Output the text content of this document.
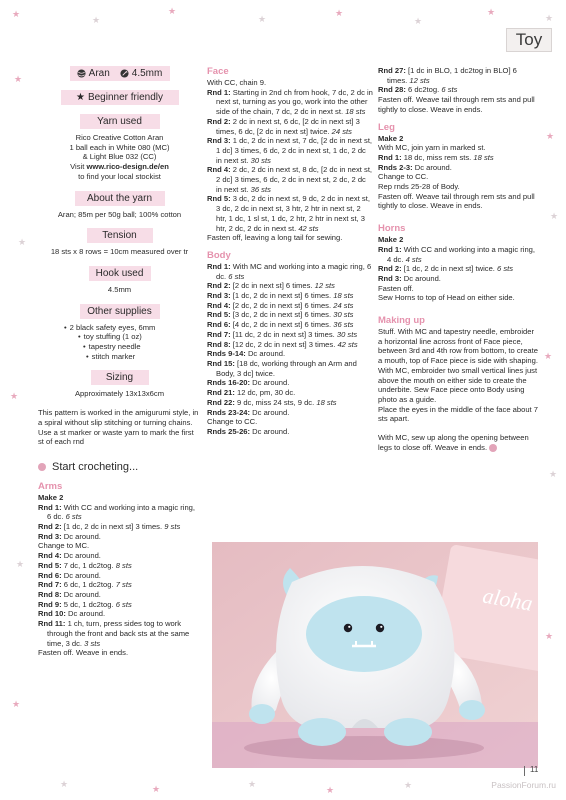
★
★
★
★
★
★
★
★
★
★
★
★
★
★
★
★
★
★
★	★	★
★	★
Toy
Aran 4.5mm
★ Beginner friendly
Yarn used
Rico Creative Cotton Aran
1 ball each in White 080 (MC)
& Light Blue 032 (CC)
Visit www.rico-design.de/en
to find your local stockist
About the yarn
Aran; 85m per 50g ball; 100% cotton
Tension
18 sts x 8 rows = 10cm measured over tr
Hook used
4.5mm
Other supplies
• 2 black safety eyes, 6mm
• toy stuffing (1 oz)
• tapestry needle
• stitch marker
Sizing
Approximately 13x13x6cm
This pattern is worked in the amigurumi style, in a spiral without slip stitching or turning chains. Use a st marker or waste yarn to mark the first st of each rnd
Start crocheting...
Arms
Make 2
Rnd 1: With CC and working into a magic ring, 6 dc. 6 sts
Rnd 2: [1 dc, 2 dc in next st] 3 times. 9 sts
Rnd 3: Dc around.
Change to MC.
Rnd 4: Dc around.
Rnd 5: 7 dc, 1 dc2tog. 8 sts
Rnd 6: Dc around.
Rnd 7: 6 dc, 1 dc2tog. 7 sts
Rnd 8: Dc around.
Rnd 9: 5 dc, 1 dc2tog. 6 sts
Rnd 10: Dc around.
Rnd 11: 1 ch, turn, press sides tog to work through the front and back sts at the same time, 3 dc. 3 sts
Fasten off. Weave in ends.
Face
With CC, chain 9.
Rnd 1: Starting in 2nd ch from hook, 7 dc, 2 dc in next st, turning as you go, work into the other side of the chain, 7 dc, 2 dc in next st. 18 sts
Rnd 2: 2 dc in next st, 6 dc, [2 dc in next st] 3 times, 6 dc, [2 dc in next st] twice. 24 sts
Rnd 3: 1 dc, 2 dc in next st, 7 dc, [2 dc in next st, 1 dc] 3 times, 6 dc, 2 dc in next st, 1 dc, 2 dc in next st. 30 sts
Rnd 4: 2 dc, 2 dc in next st, 8 dc, [2 dc in next st, 2 dc] 3 times, 6 dc, 2 dc in next st, 2 dc, 2 dc in next st. 36 sts
Rnd 5: 3 dc, 2 dc in next st, 9 dc, 2 dc in next st, 3 dc, 2 dc in next st, 3 htr, 2 htr in next st, 2 htr, 1 dc, 1 sl st, 1 dc, 2 htr, 2 htr in next st, 3 htr, 2 dc, 2 dc in next st. 42 sts
Fasten off, leaving a long tail for sewing.
Body
Rnd 1: With MC and working into a magic ring, 6 dc. 6 sts
Rnd 2: [2 dc in next st] 6 times. 12 sts
Rnd 3: [1 dc, 2 dc in next st] 6 times. 18 sts
Rnd 4: [2 dc, 2 dc in next st] 6 times. 24 sts
Rnd 5: [3 dc, 2 dc in next st] 6 times. 30 sts
Rnd 6: [4 dc, 2 dc in next st] 6 times. 36 sts
Rnd 7: [11 dc, 2 dc in next st] 3 times. 30 sts
Rnd 8: [12 dc, 2 dc in next st] 3 times. 42 sts
Rnds 9-14: Dc around.
Rnd 15: [18 dc, working through an Arm and Body, 3 dc] twice.
Rnds 16-20: Dc around.
Rnd 21: 12 dc, pm, 30 dc.
Rnd 22: 9 dc, miss 24 sts, 9 dc. 18 sts
Rnds 23-24: Dc around.
Change to CC.
Rnds 25-26: Dc around.
Rnd 27: [1 dc in BLO, 1 dc2tog in BLO] 6 times. 12 sts
Rnd 28: 6 dc2tog. 6 sts
Fasten off. Weave tail through rem sts and pull tightly to close. Weave in ends.
Leg
Make 2
With MC, join yarn in marked st.
Rnd 1: 18 dc, miss rem sts. 18 sts
Rnds 2-3: Dc around.
Change to CC.
Rep rnds 25-28 of Body.
Fasten off. Weave tail through rem sts and pull tightly to close. Weave in ends.
Horns
Make 2
Rnd 1: With CC and working into a magic ring, 4 dc. 4 sts
Rnd 2: [1 dc, 2 dc in next st] twice. 6 sts
Rnd 3: Dc around.
Fasten off.
Sew Horns to top of Head on either side.
Making up
Stuff. With MC and tapestry needle, embroider a horizontal line across front of Face piece, between 3rd and 4th row from bottom, to create a mouth, top of Face piece is side with shaping. With MC, embroider two small vertical lines just above the mouth on either side to create the underbite. Sew Face piece onto Body using photo as a guide.
Place the eyes in the middle of the face about 7 sts apart.
With MC, sew up along the opening between legs to close off. Weave in ends.
aloha
11
PassionForum.ru
